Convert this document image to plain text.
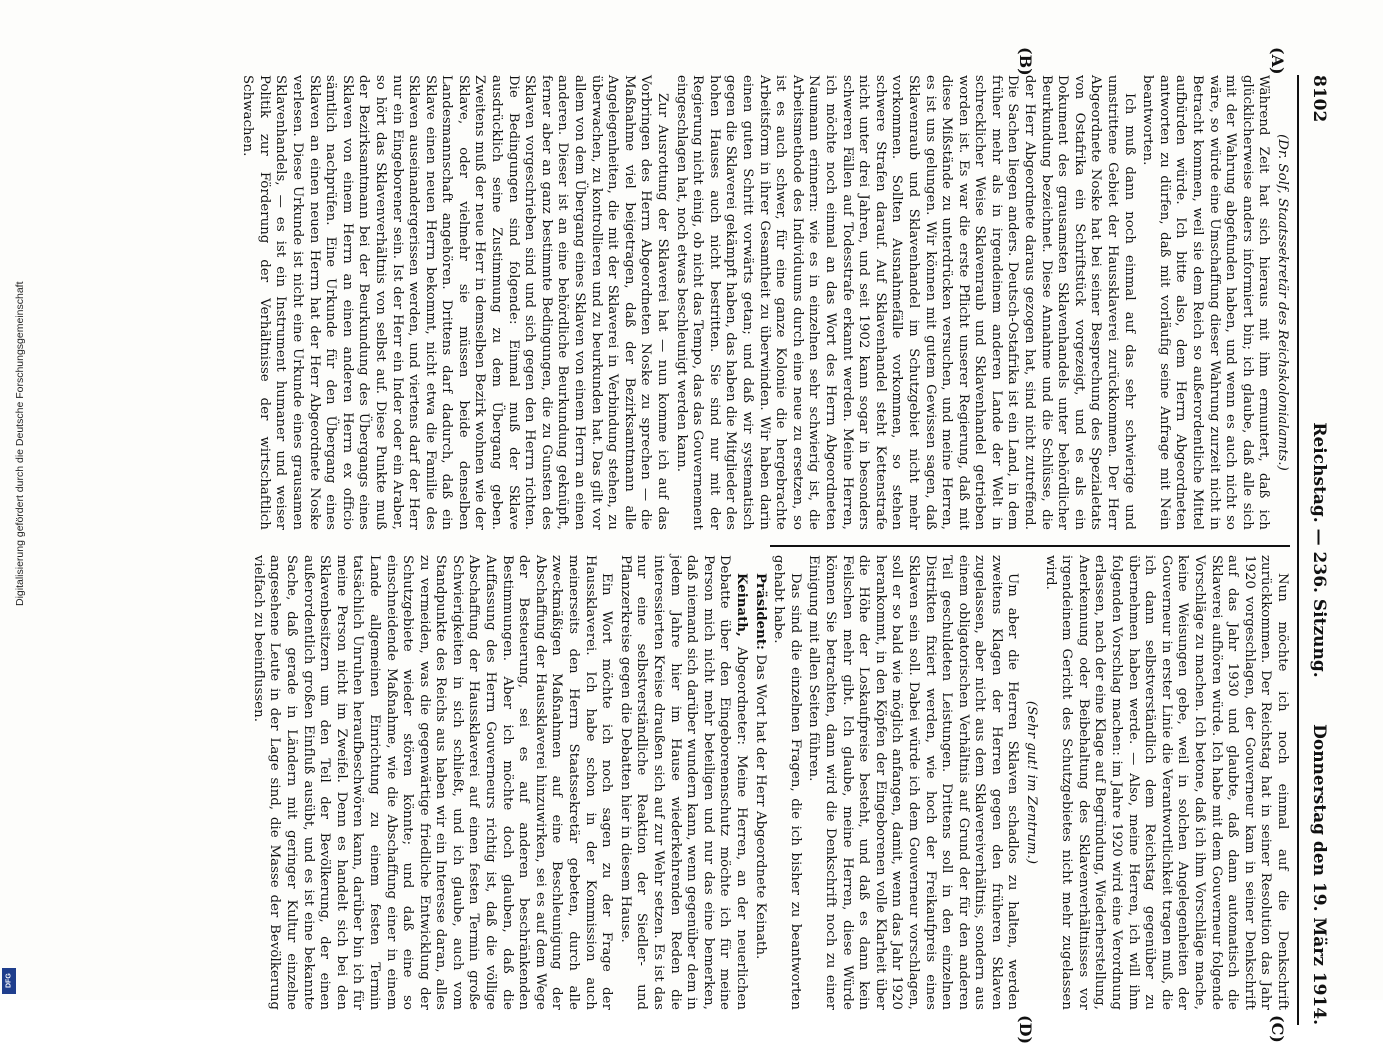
8102
Reichstag. — 236. Sitzung.
Donnerstag den 19. März 1914.
(A)
(B)
(C)
(D)

(Dr. Solf, Staatssekretär des Reichskolonialamts.)

Während Zeit hat sich hieraus mit ihm ermuntert, daß ich glücklicherweise anders informiert bin; ich glaube, daß alle sich mit der Wahrung abgefunden haben, und wenn es auch nicht so wäre, so würde eine Umschaffung dieser Wahrung zurzeit nicht in Betracht kommen, weil sie dem Reich so außerordentliche Mittel aufbürden würde. Ich bitte also, dem Herrn Abgeordneten antworten zu dürfen, daß mit vorläufig seine Anfrage mit Nein beantworten.

Ich muß dann noch einmal auf das sehr schwierige und umstrittene Gebiet der Haussklaverei zurückkommen. Der Herr Abgeordnete Noske hat bei seiner Besprechung des Spezialetats von Ostafrika ein Schriftstück vorgezeigt, und es als ein Dokument des grausamsten Sklavenhandels unter behördlicher Beurkundung bezeichnet. Diese Annahme und die Schlüsse, die der Herr Abgeordnete daraus gezogen hat, sind nicht zutreffend. Die Sachen liegen anders. Deutsch-Ostafrika ist ein Land, in dem früher mehr als in irgendeinem anderen Lande der Welt in schrecklicher Weise Sklavenraub und Sklavenhandel getrieben worden ist. Es war die erste Pflicht unserer Regierung, daß mit diese Mißstände zu unterdrücken versuchen, und meine Herren, es ist uns gelungen. Wir können mit gutem Gewissen sagen, daß Sklavenraub und Sklavenhandel im Schutzgebiet nicht mehr vorkommen. Sollten Ausnahmefälle vorkommen, so stehen schwere Strafen darauf. Auf Sklavenhandel steht Kettenstrafe nicht unter drei Jahren, und seit 1902 kann sogar in besonders schweren Fällen auf Todesstrafe erkannt werden. Meine Herren, ich möchte noch einmal an das Wort des Herrn Abgeordneten Naumann erinnern: wie es in einzelnen sehr schwierig ist, die Arbeitsmethode des Individuums durch eine neue zu ersetzen, so ist es auch schwer, für eine ganze Kolonie die hergebrachte Arbeitsform in ihrer Gesamtheit zu überwinden. Wir haben darin einen guten Schritt vorwärts getan; und daß wir systematisch gegen die Sklaverei gekämpft haben, das haben die Mitglieder des hohen Hauses auch nicht bestritten. Sie sind nur mit der Regierung nicht einig, ob nicht das Tempo, das das Gouvernement eingeschlagen hat, noch etwas beschleunigt werden kann.

Zur Ausrottung der Sklaverei hat — nun komme ich auf das Vorbringen des Herrn Abgeordneten Noske zu sprechen — die Maßnahme viel beigetragen, daß der Bezirksamtmann alle Angelegenheiten, die mit der Sklaverei in Verbindung stehen, zu überwachen, zu kontrollieren und zu beurkunden hat. Das gilt vor allem von dem Übergang eines Sklaven von einem Herrn an einen anderen. Dieser ist an eine behördliche Beurkundung geknüpft, ferner aber an ganz bestimmte Bedingungen, die zu Gunsten des Sklaven vorgeschrieben sind und sich gegen den Herrn richten. Die Bedingungen sind folgende: Einmal muß der Sklave ausdrücklich seine Zustimmung zu dem Übergang geben. Zweitens muß der neue Herr in demselben Bezirk wohnen wie der Sklave, oder vielmehr sie müssen beide denselben Landesmannschaft angehören. Drittens darf dadurch, daß ein Sklave einen neuen Herrn bekommt, nicht etwa die Familie des Sklaven auseinandergerissen werden, und viertens darf der Herr nur ein Eingeborener sein. Ist der Herr ein Inder oder ein Araber, so hört das Sklavenverhältnis von selbst auf. Diese Punkte muß der Bezirksamtmann bei der Beurkundung des Übergangs eines Sklaven von einem Herrn an einen anderen Herrn ex officio sämtlich nachprüfen. Eine Urkunde für den Übergang eines Sklaven an einen neuen Herrn hat der Herr Abgeordnete Noske verlesen. Diese Urkunde ist nicht eine Urkunde eines grausamen Sklavenhandels, — es ist ein Instrument humaner und weiser Politik zur Förderung der Verhältnisse der wirtschaftlich Schwachen.

Nun möchte ich noch einmal auf die Denkschrift zurückkommen. Der Reichstag hat in seiner Resolution das Jahr 1920 vorgeschlagen, der Gouverneur kam in seiner Denkschrift auf das Jahr 1930 und glaubte, daß dann automatisch die Sklaverei aufhören würde. Ich habe mit dem Gouverneur folgende Vorschläge zu machen. Ich betone, daß ich ihm Vorschläge mache, keine Weisungen gebe, weil in solchen Angelegenheiten der Gouverneur in erster Linie die Verantwortlichkeit tragen muß, die ich dann selbstverständlich dem Reichstag gegenüber zu übernehmen haben werde. — Also, meine Herren, ich will ihm folgenden Vorschlag machen: im Jahre 1920 wird eine Verordnung erlassen, nach der eine Klage auf Begründung, Wiederherstellung, Anerkennung oder Beibehaltung des Sklavenverhältnisses vor irgendeinem Gericht des Schutzgebietes nicht mehr zugelassen wird.

(Sehr gut! im Zentrum.)

Um aber die Herren Sklaven schadlos zu halten, werden zweitens Klagen der Herren gegen den früheren Sklaven zugelassen, aber nicht aus dem Sklavereiverhältnis, sondern aus einem obligatorischen Verhältnis auf Grund der für den anderen Teil geschuldeten Leistungen. Drittens soll in den einzelnen Distrikten fixiert werden, wie hoch der Freikaufpreis eines Sklaven sein soll. Dabei würde ich dem Gouverneur vorschlagen, soll er so bald wie möglich anfangen, damit, wenn das Jahr 1920 herankommt, in den Köpfen der Eingeborenen volle Klarheit über die Höhe der Loskaufpreise besteht, und daß es dann kein Feilschen mehr gibt. Ich glaube, meine Herren, diese Würde können Sie betrachten, dann wird die Denkschrift noch zu einer Einigung mit allen Seiten führen.

Das sind die einzelnen Fragen, die ich bisher zu beantworten gehabt habe.

Präsident: Das Wort hat der Herr Abgeordnete Keinath.

Keinath, Abgeordneter: Meine Herren, an der neuerlichen Debatte über den Eingeborenenschutz möchte ich für meine Person mich nicht mehr beteiligen und nur das eine bemerken, daß niemand sich darüber wundern kann, wenn gegenüber dem in jedem Jahre hier im Hause wiederkehrenden Reden die interessierten Kreise draußen sich auf zur Wehr setzen. Es ist das nur eine selbstverständliche Reaktion der Siedler- und Pflanzerkreise gegen die Debatten hier in diesem Hause.

Ein Wort möchte ich noch sagen zu der Frage der Haussklaverei. Ich habe schon in der Kommission auch meinerseits den Herrn Staatssekretär gebeten, durch alle zweckmäßigen Maßnahmen auf eine Beschleunigung der Abschaffung der Haussklaverei hinzuwirken, sei es auf dem Wege der Besteuerung, sei es auf anderen beschränkenden Bestimmungen. Aber ich möchte doch glauben, daß die Auffassung des Herrn Gouverneurs richtig ist, daß die völlige Abschaffung der Haussklaverei auf einen festen Termin große Schwierigkeiten in sich schließt, und ich glaube, auch vom Standpunkte des Reichs aus haben wir ein Interesse daran, alles zu vermeiden, was die gegenwärtige friedliche Entwicklung der Schutzgebiete wieder stören könnte; und daß eine so einschneidende Maßnahme, wie die Abschaffung einer in einem Lande allgemeinen Einrichtung zu einem festen Termin tatsächlich Unruhen heraufbeschwören kann, darüber bin ich für meine Person nicht im Zweifel. Denn es handelt sich bei den Sklavenbesitzern um den Teil der Bevölkerung, der einen außerordentlich großen Einfluß ausübt, und es ist eine bekannte Sache, daß gerade in Ländern mit geringer Kultur einzelne angesehene Leute in der Lage sind, die Masse der Bevölkerung vielfach zu beeinflussen.

Digitalisierung gefördert durch die Deutsche Forschungsgemeinschaft
DFG
